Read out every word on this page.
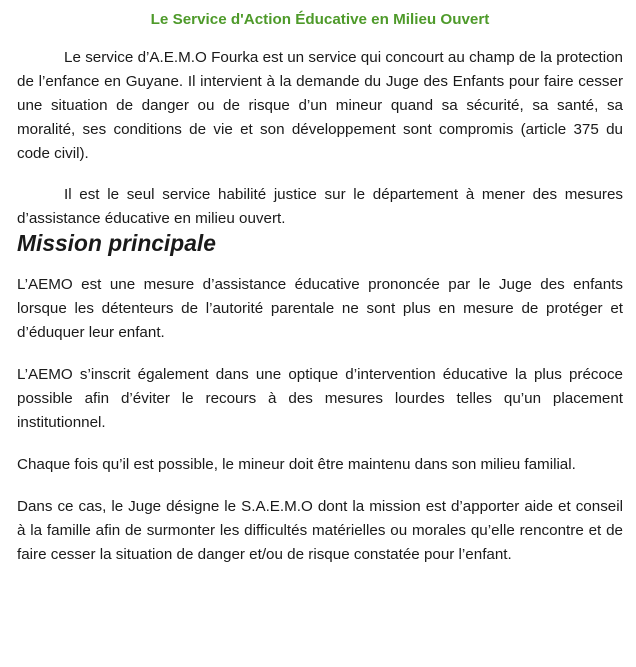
Le Service d'Action Éducative en Milieu Ouvert

Le service d’A.E.M.O Fourka est un service qui concourt au champ de la protection de l’enfance en Guyane. Il intervient à la demande du Juge des Enfants pour faire cesser une situation de danger ou de risque d’un mineur quand sa sécurité, sa santé, sa moralité, ses conditions de vie et son développement sont compromis (article 375 du code civil).

Il est le seul service habilité justice sur le département à mener des mesures d’assistance éducative en milieu ouvert.

Mission principale

L’AEMO est une mesure d’assistance éducative prononcée par le Juge des enfants lorsque les détenteurs de l’autorité parentale ne sont plus en mesure de protéger et d’éduquer leur enfant.

L’AEMO s’inscrit également dans une optique d’intervention éducative la plus précoce possible afin d’éviter le recours à des mesures lourdes telles qu’un placement institutionnel.

Chaque fois qu’il est possible, le mineur doit être maintenu dans son milieu familial.

Dans ce cas, le Juge désigne le S.A.E.M.O dont la mission est d’apporter aide et conseil à la famille afin de surmonter les difficultés matérielles ou morales qu’elle rencontre et de faire cesser la situation de danger et/ou de risque constatée pour l’enfant.
